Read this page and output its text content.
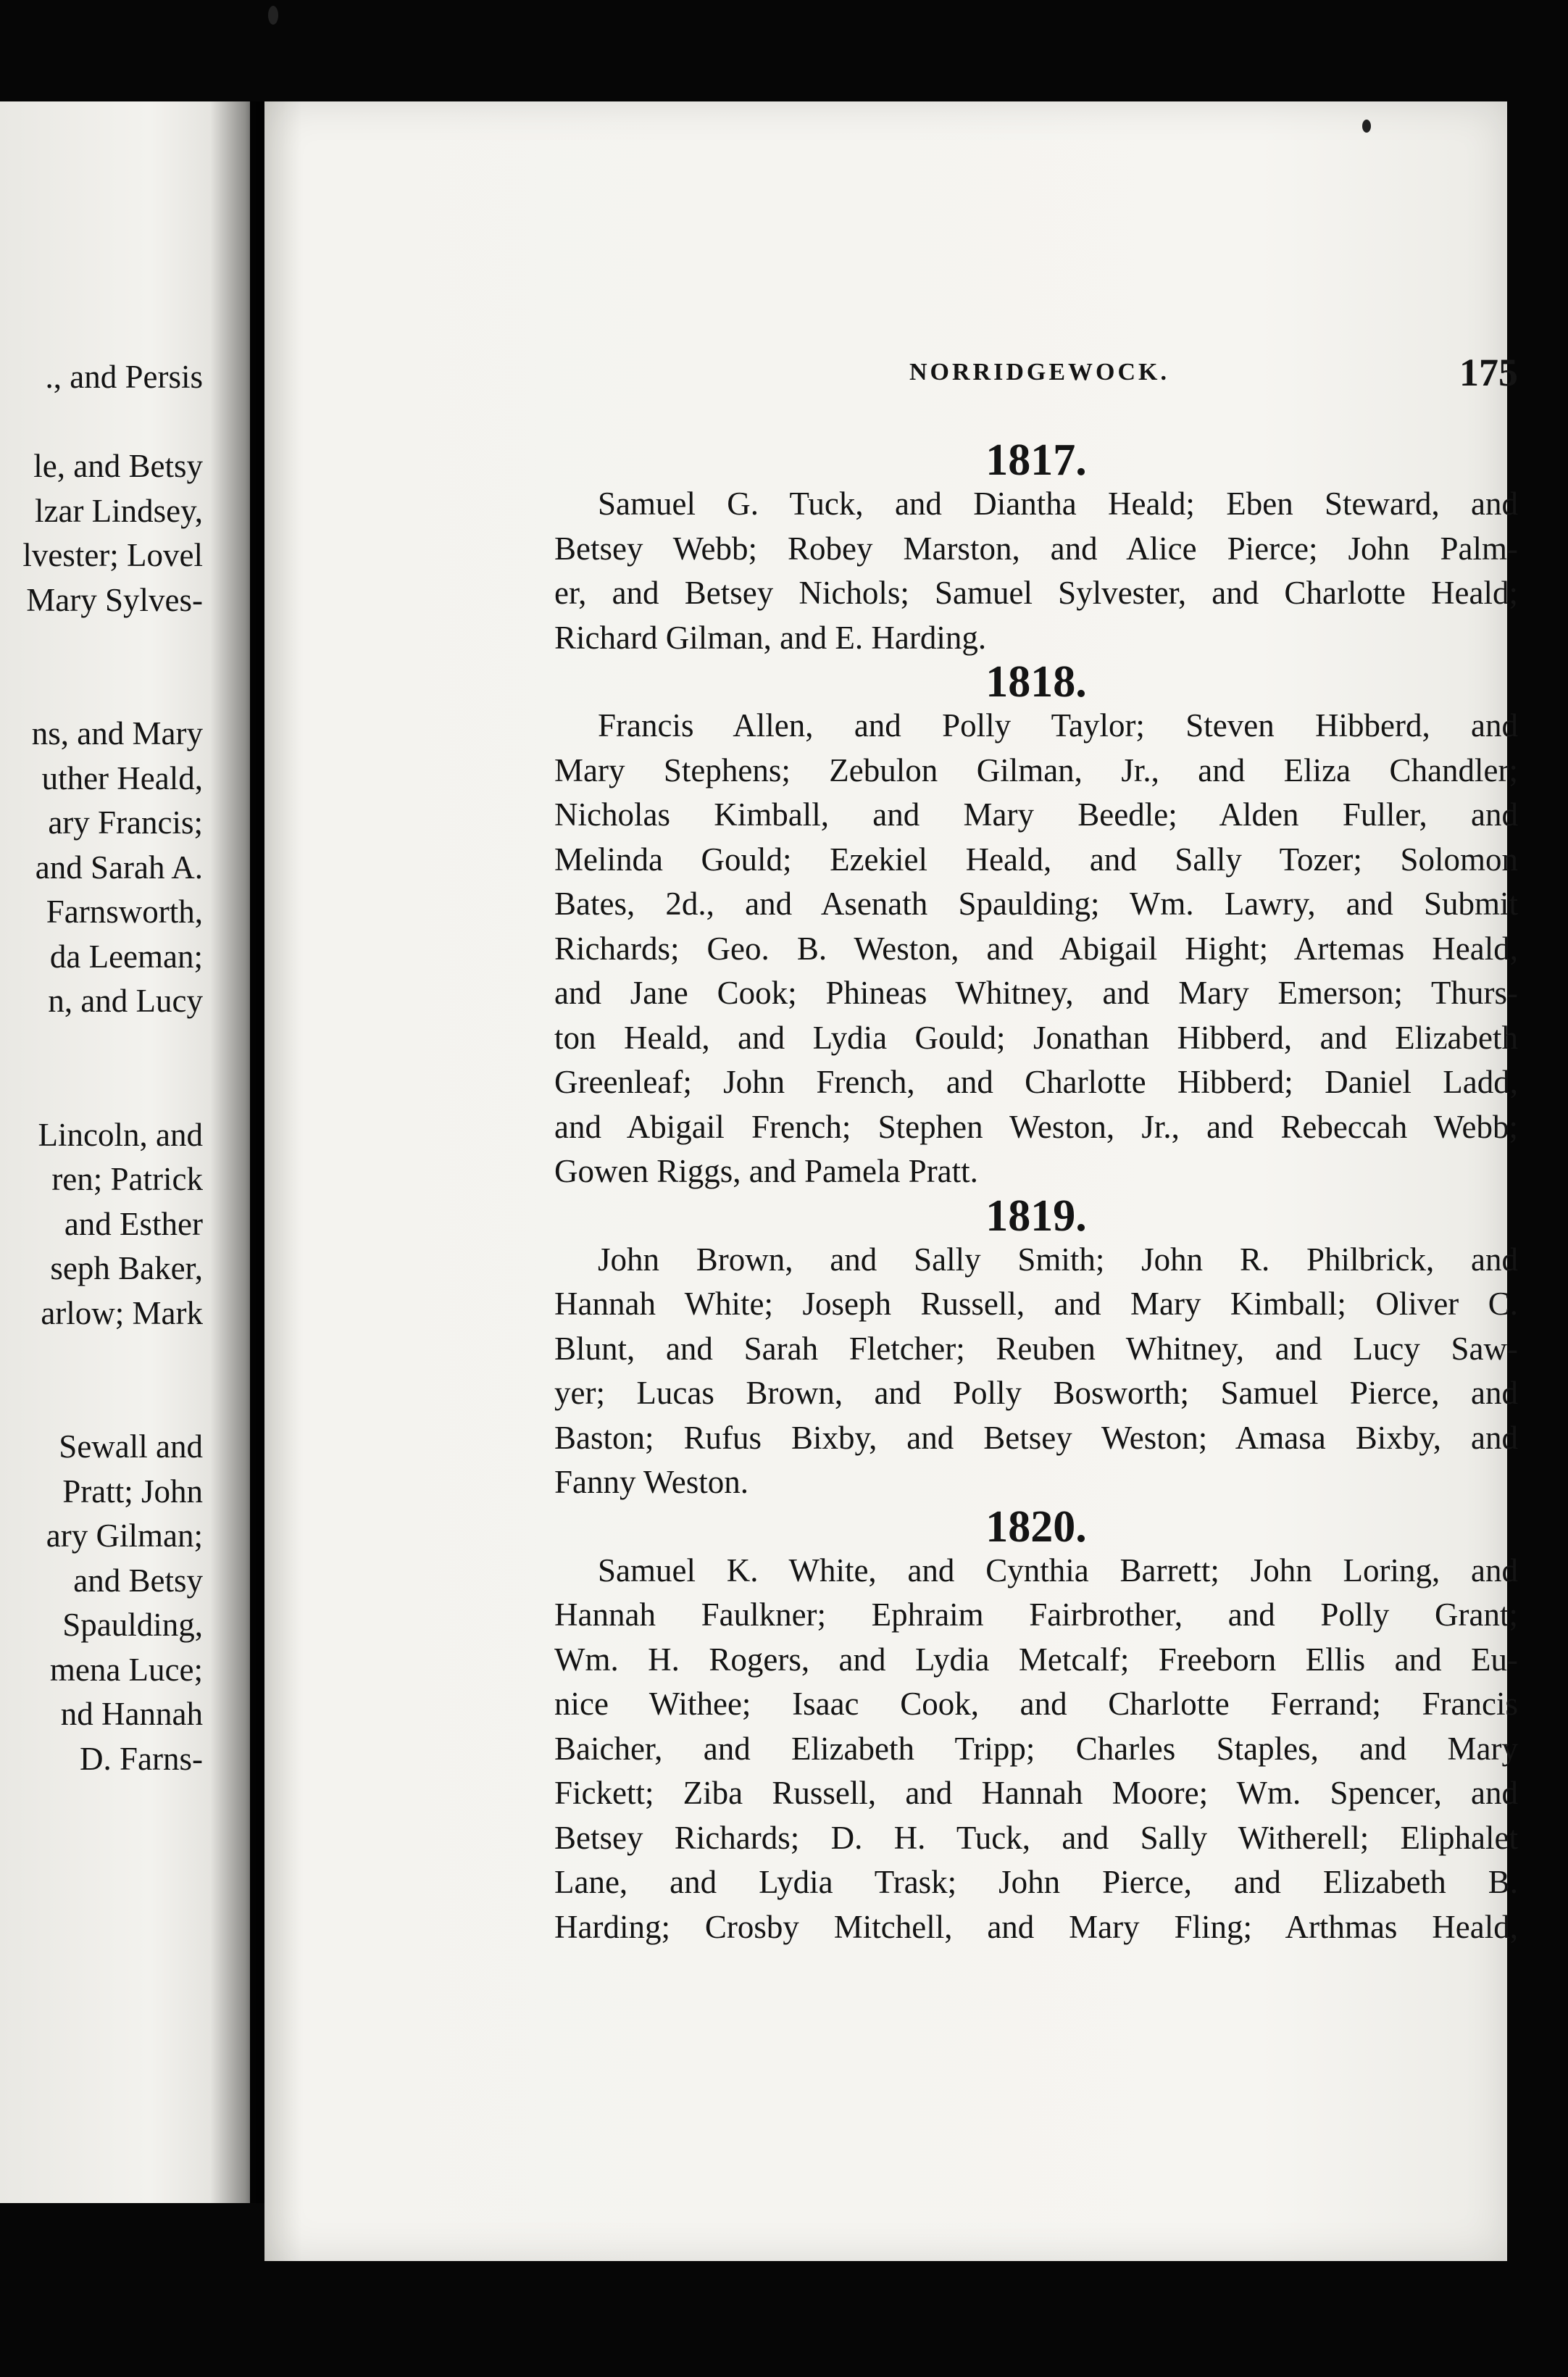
., and Persis
le, and Betsy
lzar Lindsey,
lvester; Lovel
Mary Sylves-
ns, and Mary
uther Heald,
ary Francis;
and Sarah A.
Farnsworth,
da Leeman;
n, and Lucy
Lincoln, and
ren; Patrick
and Esther
seph Baker,
arlow; Mark
Sewall and
Pratt; John
ary Gilman;
and Betsy
Spaulding,
mena Luce;
nd Hannah
D. Farns-
NORRIDGEWOCK.	175
1817.
Samuel G. Tuck, and Diantha Heald; Eben Steward, and
Betsey Webb; Robey Marston, and Alice Pierce; John Palm-
er, and Betsey Nichols; Samuel Sylvester, and Charlotte Heald;
Richard Gilman, and E. Harding.
1818.
Francis Allen, and Polly Taylor; Steven Hibberd, and
Mary Stephens; Zebulon Gilman, Jr., and Eliza Chandler;
Nicholas Kimball, and Mary Beedle; Alden Fuller, and
Melinda Gould; Ezekiel Heald, and Sally Tozer; Solomon
Bates, 2d., and Asenath Spaulding; Wm. Lawry, and Submit
Richards; Geo. B. Weston, and Abigail Hight; Artemas Heald,
and Jane Cook; Phineas Whitney, and Mary Emerson; Thurs-
ton Heald, and Lydia Gould; Jonathan Hibberd, and Elizabeth
Greenleaf; John French, and Charlotte Hibberd; Daniel Ladd,
and Abigail French; Stephen Weston, Jr., and Rebeccah Webb;
Gowen Riggs, and Pamela Pratt.
1819.
John Brown, and Sally Smith; John R. Philbrick, and
Hannah White; Joseph Russell, and Mary Kimball; Oliver C.
Blunt, and Sarah Fletcher; Reuben Whitney, and Lucy Saw-
yer; Lucas Brown, and Polly Bosworth; Samuel Pierce, and
Baston; Rufus Bixby, and Betsey Weston; Amasa Bixby, and
Fanny Weston.
1820.
Samuel K. White, and Cynthia Barrett; John Loring, and
Hannah Faulkner; Ephraim Fairbrother, and Polly Grant;
Wm. H. Rogers, and Lydia Metcalf; Freeborn Ellis and Eu-
nice Withee; Isaac Cook, and Charlotte Ferrand; Francis
Baicher, and Elizabeth Tripp; Charles Staples, and Mary
Fickett; Ziba Russell, and Hannah Moore; Wm. Spencer, and
Betsey Richards; D. H. Tuck, and Sally Witherell; Eliphalet
Lane, and Lydia Trask; John Pierce, and Elizabeth B.
Harding; Crosby Mitchell, and Mary Fling; Arthmas Heald,
